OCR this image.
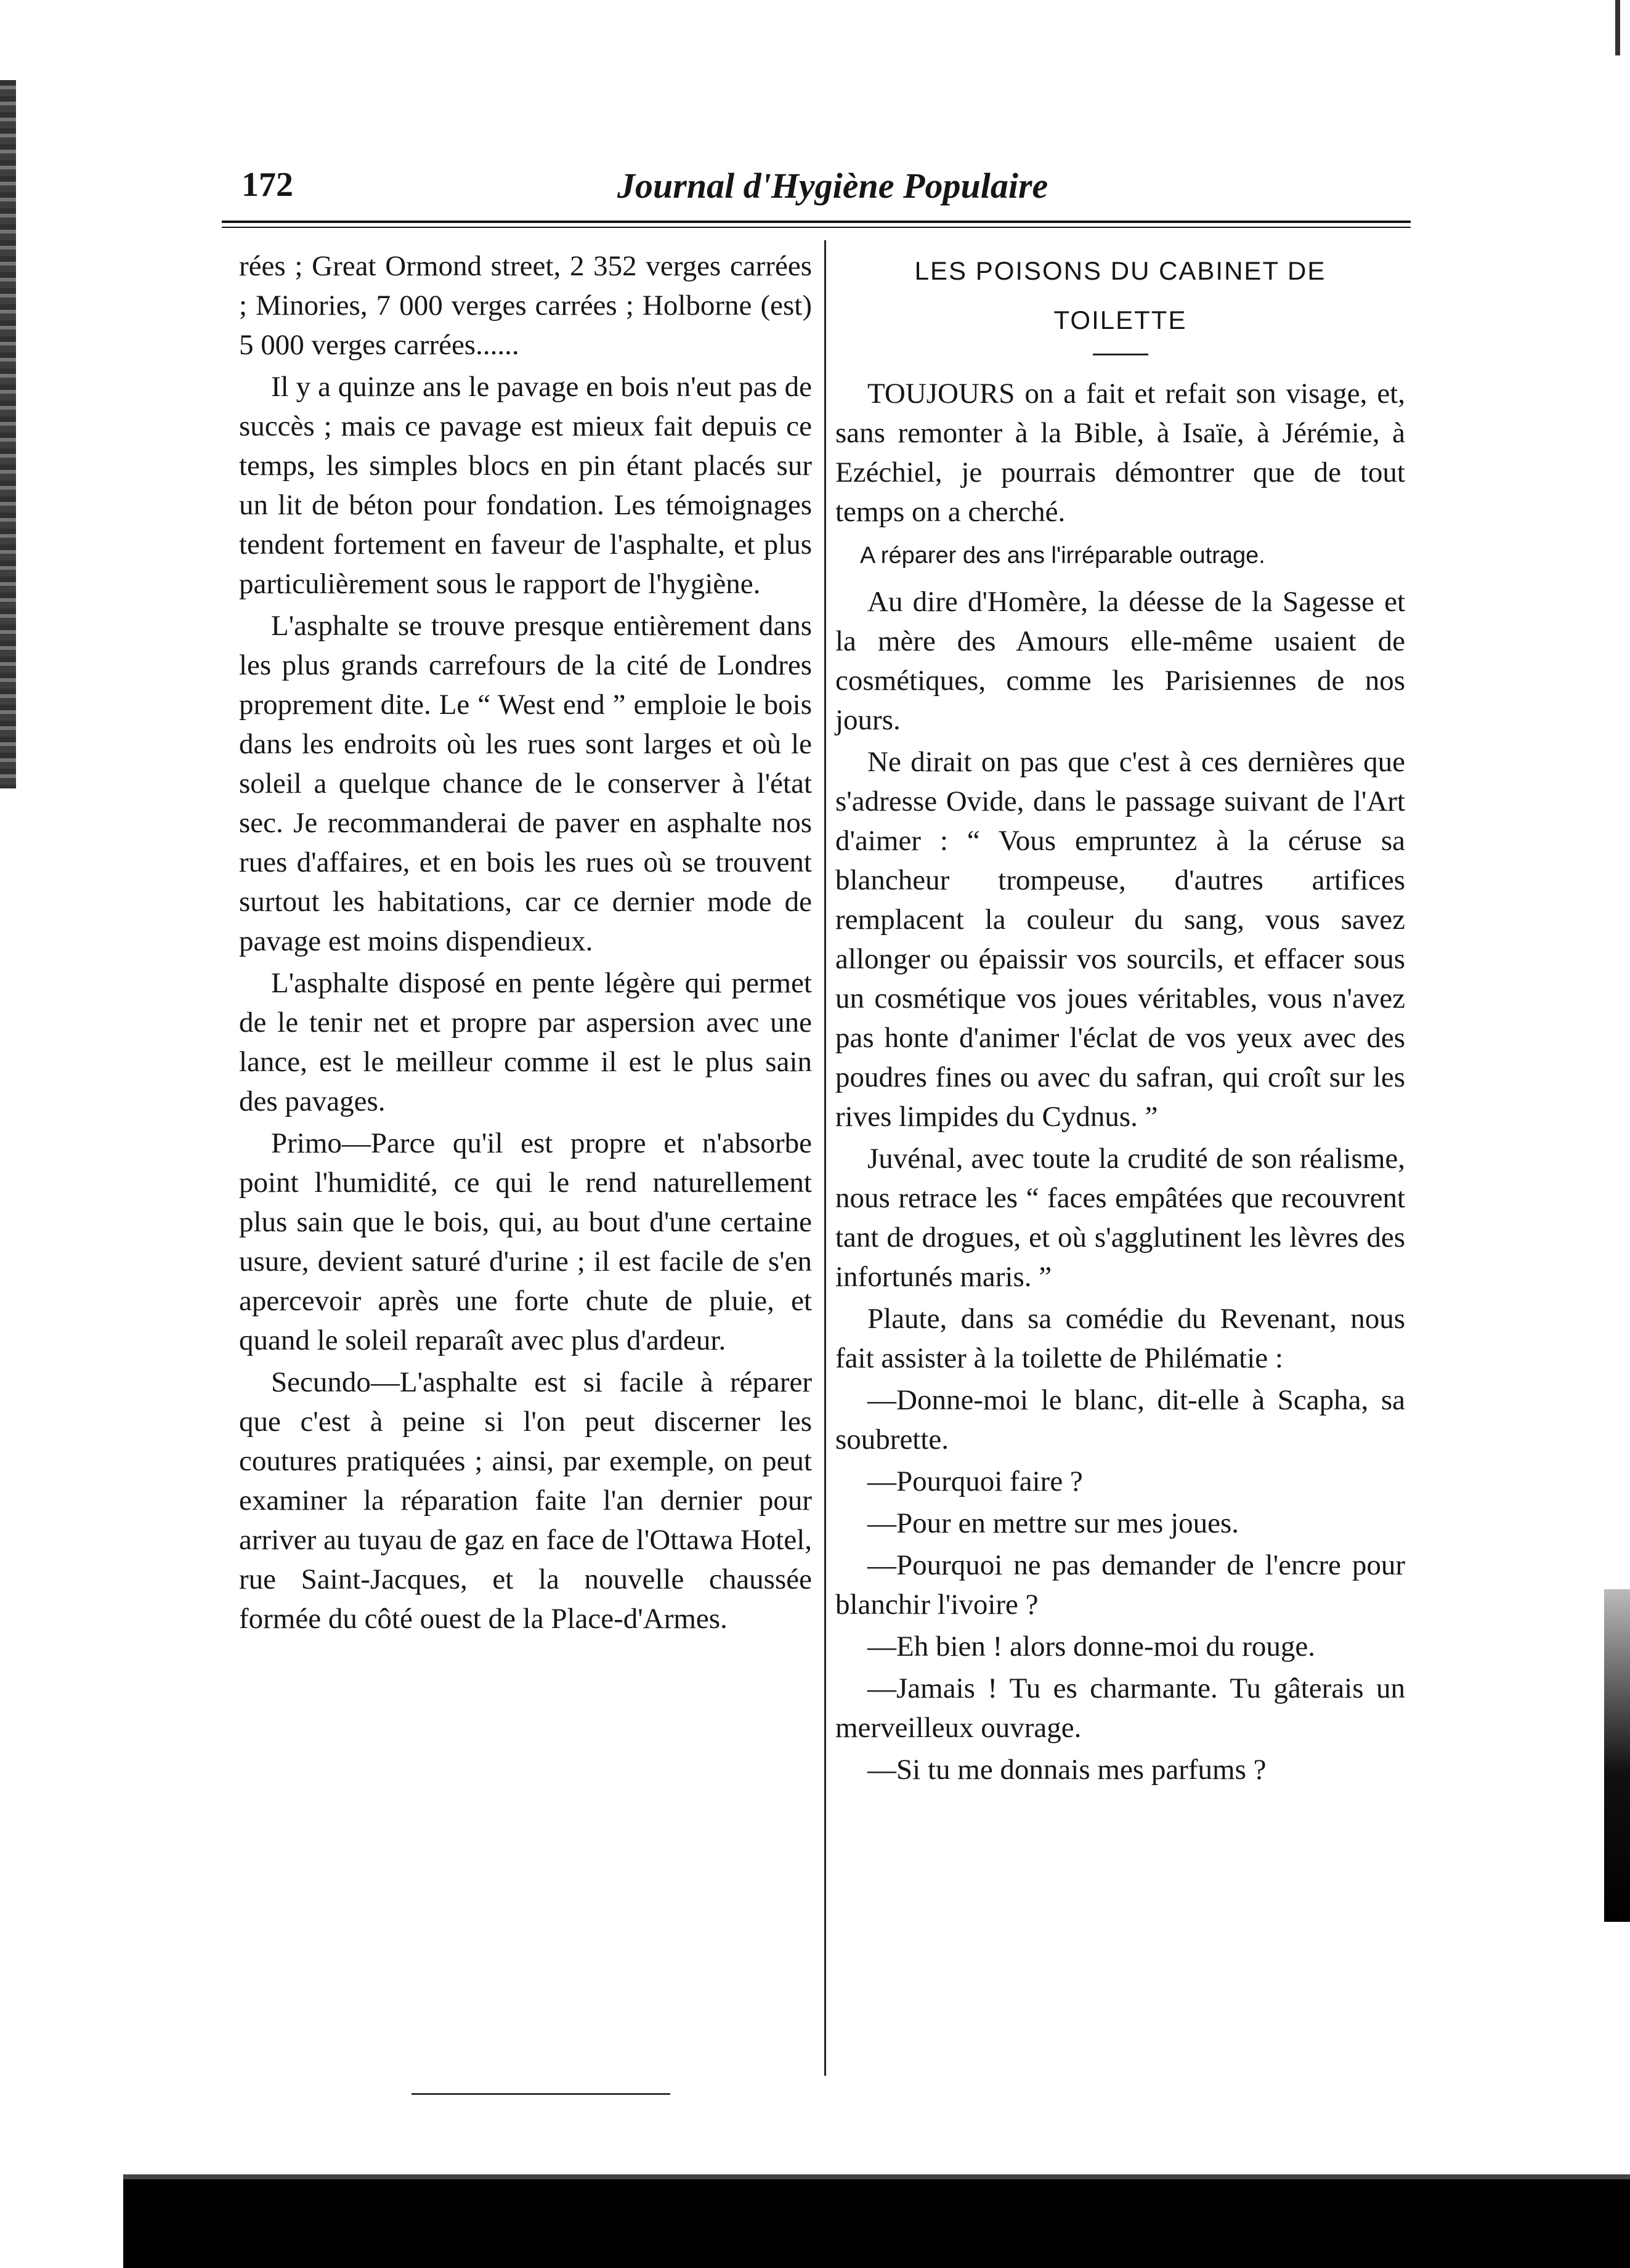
172	Journal d'Hygiène Populaire

rées ; Great Ormond street, 2 352 verges carrées ; Minories, 7 000 verges carrées ; Holborne (est) 5 000 verges carrées......

Il y a quinze ans le pavage en bois n'eut pas de succès ; mais ce pavage est mieux fait depuis ce temps, les simples blocs en pin étant placés sur un lit de béton pour fondation. Les témoignages tendent fortement en faveur de l'asphalte, et plus particulièrement sous le rapport de l'hygiène.

L'asphalte se trouve presque entièrement dans les plus grands carrefours de la cité de Londres proprement dite. Le “ West end ” emploie le bois dans les endroits où les rues sont larges et où le soleil a quelque chance de le conserver à l'état sec. Je recommanderai de paver en asphalte nos rues d'affaires, et en bois les rues où se trouvent surtout les habitations, car ce dernier mode de pavage est moins dispendieux.

L'asphalte disposé en pente légère qui permet de le tenir net et propre par aspersion avec une lance, est le meilleur comme il est le plus sain des pavages.

Primo—Parce qu'il est propre et n'absorbe point l'humidité, ce qui le rend naturellement plus sain que le bois, qui, au bout d'une certaine usure, devient saturé d'urine ; il est facile de s'en apercevoir après une forte chute de pluie, et quand le soleil reparaît avec plus d'ardeur.

Secundo—L'asphalte est si facile à réparer que c'est à peine si l'on peut discerner les coutures pratiquées ; ainsi, par exemple, on peut examiner la réparation faite l'an dernier pour arriver au tuyau de gaz en face de l'Ottawa Hotel, rue Saint-Jacques, et la nouvelle chaussée formée du côté ouest de la Place-d'Armes.

LES POISONS DU CABINET DE
TOILETTE

TOUJOURS on a fait et refait son visage, et, sans remonter à la Bible, à Isaïe, à Jérémie, à Ezéchiel, je pourrais démontrer que de tout temps on a cherché.

A réparer des ans l'irréparable outrage.

Au dire d'Homère, la déesse de la Sagesse et la mère des Amours elle-même usaient de cosmétiques, comme les Parisiennes de nos jours.

Ne dirait on pas que c'est à ces dernières que s'adresse Ovide, dans le passage suivant de l'Art d'aimer : “ Vous empruntez à la céruse sa blancheur trompeuse, d'autres artifices remplacent la couleur du sang, vous savez allonger ou épaissir vos sourcils, et effacer sous un cosmétique vos joues véritables, vous n'avez pas honte d'animer l'éclat de vos yeux avec des poudres fines ou avec du safran, qui croît sur les rives limpides du Cydnus. ”

Juvénal, avec toute la crudité de son réalisme, nous retrace les “ faces empâtées que recouvrent tant de drogues, et où s'agglutinent les lèvres des infortunés maris. ”

Plaute, dans sa comédie du Revenant, nous fait assister à la toilette de Philématie :

—Donne-moi le blanc, dit-elle à Scapha, sa soubrette.

—Pourquoi faire ?

—Pour en mettre sur mes joues.

—Pourquoi ne pas demander de l'encre pour blanchir l'ivoire ?

—Eh bien ! alors donne-moi du rouge.

—Jamais ! Tu es charmante. Tu gâterais un merveilleux ouvrage.

—Si tu me donnais mes parfums ?
